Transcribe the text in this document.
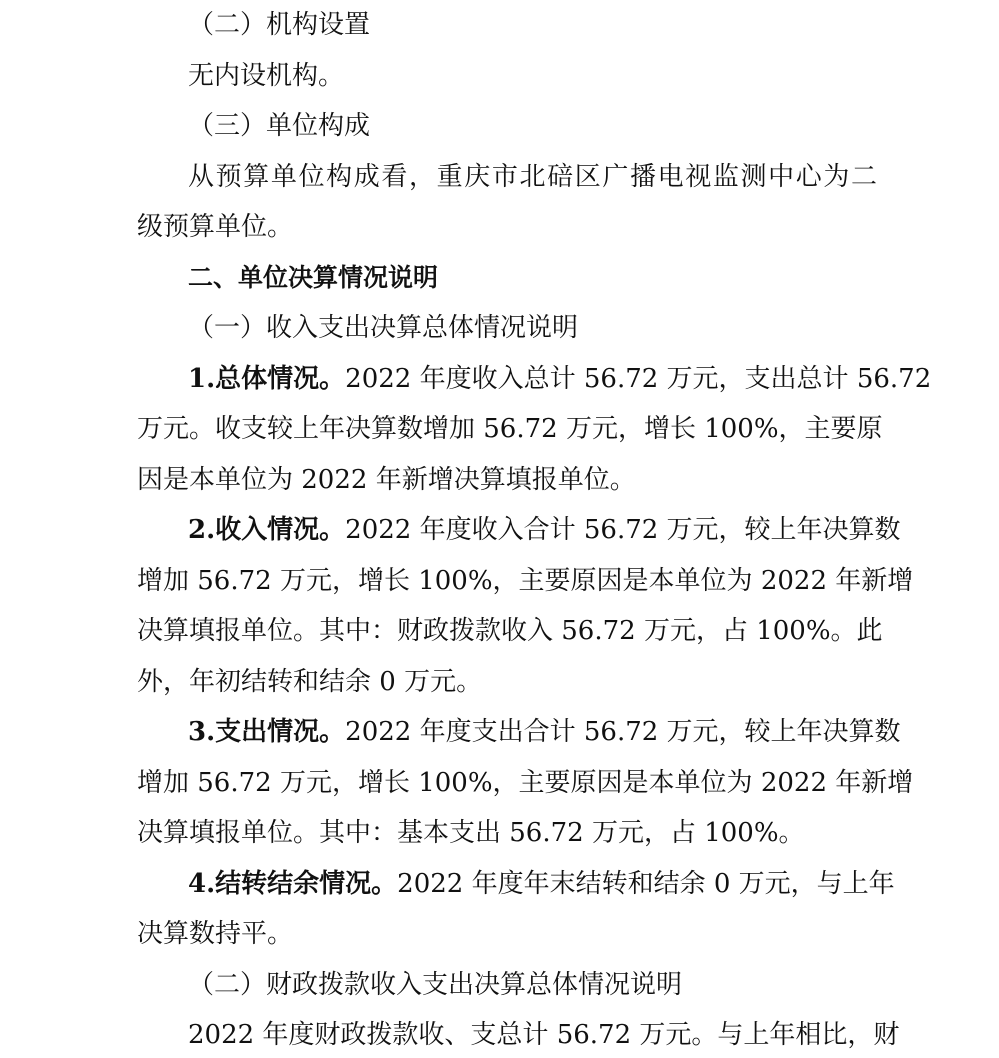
（二）机构设置
无内设机构。
（三）单位构成
从预算单位构成看，重庆市北碚区广播电视监测中心为二
级预算单位。
二、单位决算情况说明
（一）收入支出决算总体情况说明
1.总体情况。2022 年度收入总计 56.72 万元，支出总计 56.72
万元。收支较上年决算数增加 56.72 万元，增长 100%，主要原
因是本单位为 2022 年新增决算填报单位。
2.收入情况。2022 年度收入合计 56.72 万元，较上年决算数
增加 56.72 万元，增长 100%，主要原因是本单位为 2022 年新增
决算填报单位。其中：财政拨款收入 56.72 万元，占 100%。此
外，年初结转和结余 0 万元。
3.支出情况。2022 年度支出合计 56.72 万元，较上年决算数
增加 56.72 万元，增长 100%，主要原因是本单位为 2022 年新增
决算填报单位。其中：基本支出 56.72 万元，占 100%。
4.结转结余情况。2022 年度年末结转和结余 0 万元，与上年
决算数持平。
（二）财政拨款收入支出决算总体情况说明
2022 年度财政拨款收、支总计 56.72 万元。与上年相比，财
